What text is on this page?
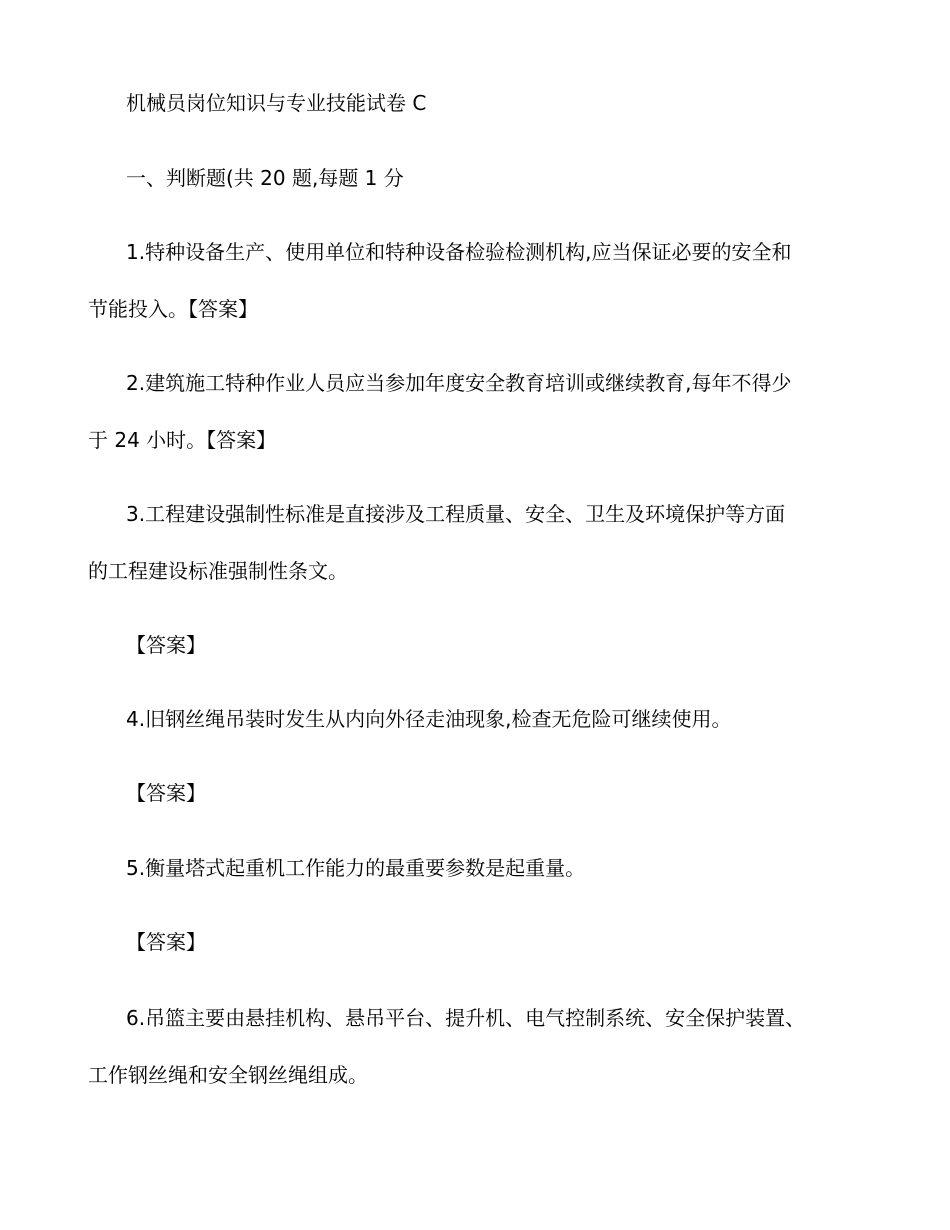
机械员岗位知识与专业技能试卷 C
一、判断题(共 20 题,每题 1 分
1.特种设备生产、使用单位和特种设备检验检测机构,应当保证必要的安全和
节能投入。【答案】
2.建筑施工特种作业人员应当参加年度安全教育培训或继续教育,每年不得少
于 24 小时。【答案】
3.工程建设强制性标准是直接涉及工程质量、安全、卫生及环境保护等方面
的工程建设标准强制性条文。
【答案】
4.旧钢丝绳吊装时发生从内向外径走油现象,检查无危险可继续使用。
【答案】
5.衡量塔式起重机工作能力的最重要参数是起重量。
【答案】
6.吊篮主要由悬挂机构、悬吊平台、提升机、电气控制系统、安全保护装置、
工作钢丝绳和安全钢丝绳组成。
